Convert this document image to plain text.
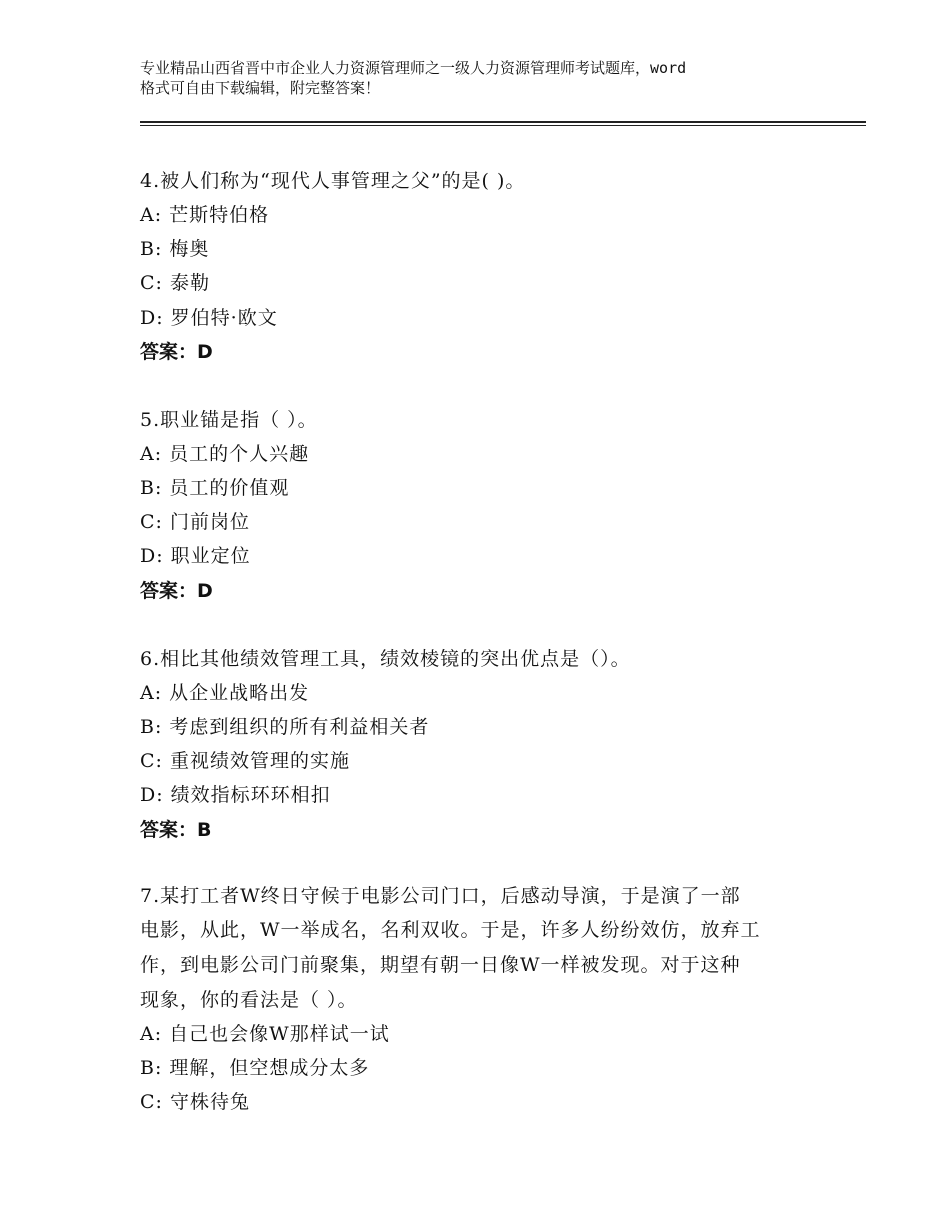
专业精品山西省晋中市企业人力资源管理师之一级人力资源管理师考试题库，word
格式可自由下载编辑，附完整答案！
4.被人们称为“现代人事管理之父”的是( )。
A: 芒斯特伯格
B: 梅奥
C: 泰勒
D: 罗伯特·欧文
答案：D
5.职业锚是指（ ）。
A: 员工的个人兴趣
B: 员工的价值观
C: 门前岗位
D: 职业定位
答案：D
6.相比其他绩效管理工具，绩效棱镜的突出优点是（）。
A: 从企业战略出发
B: 考虑到组织的所有利益相关者
C: 重视绩效管理的实施
D: 绩效指标环环相扣
答案：B
7.某打工者W终日守候于电影公司门口，后感动导演，于是演了一部
电影，从此，W一举成名，名利双收。于是，许多人纷纷效仿，放弃工
作，到电影公司门前聚集，期望有朝一日像W一样被发现。对于这种
现象，你的看法是（ ）。
A: 自己也会像W那样试一试
B: 理解，但空想成分太多
C: 守株待兔
